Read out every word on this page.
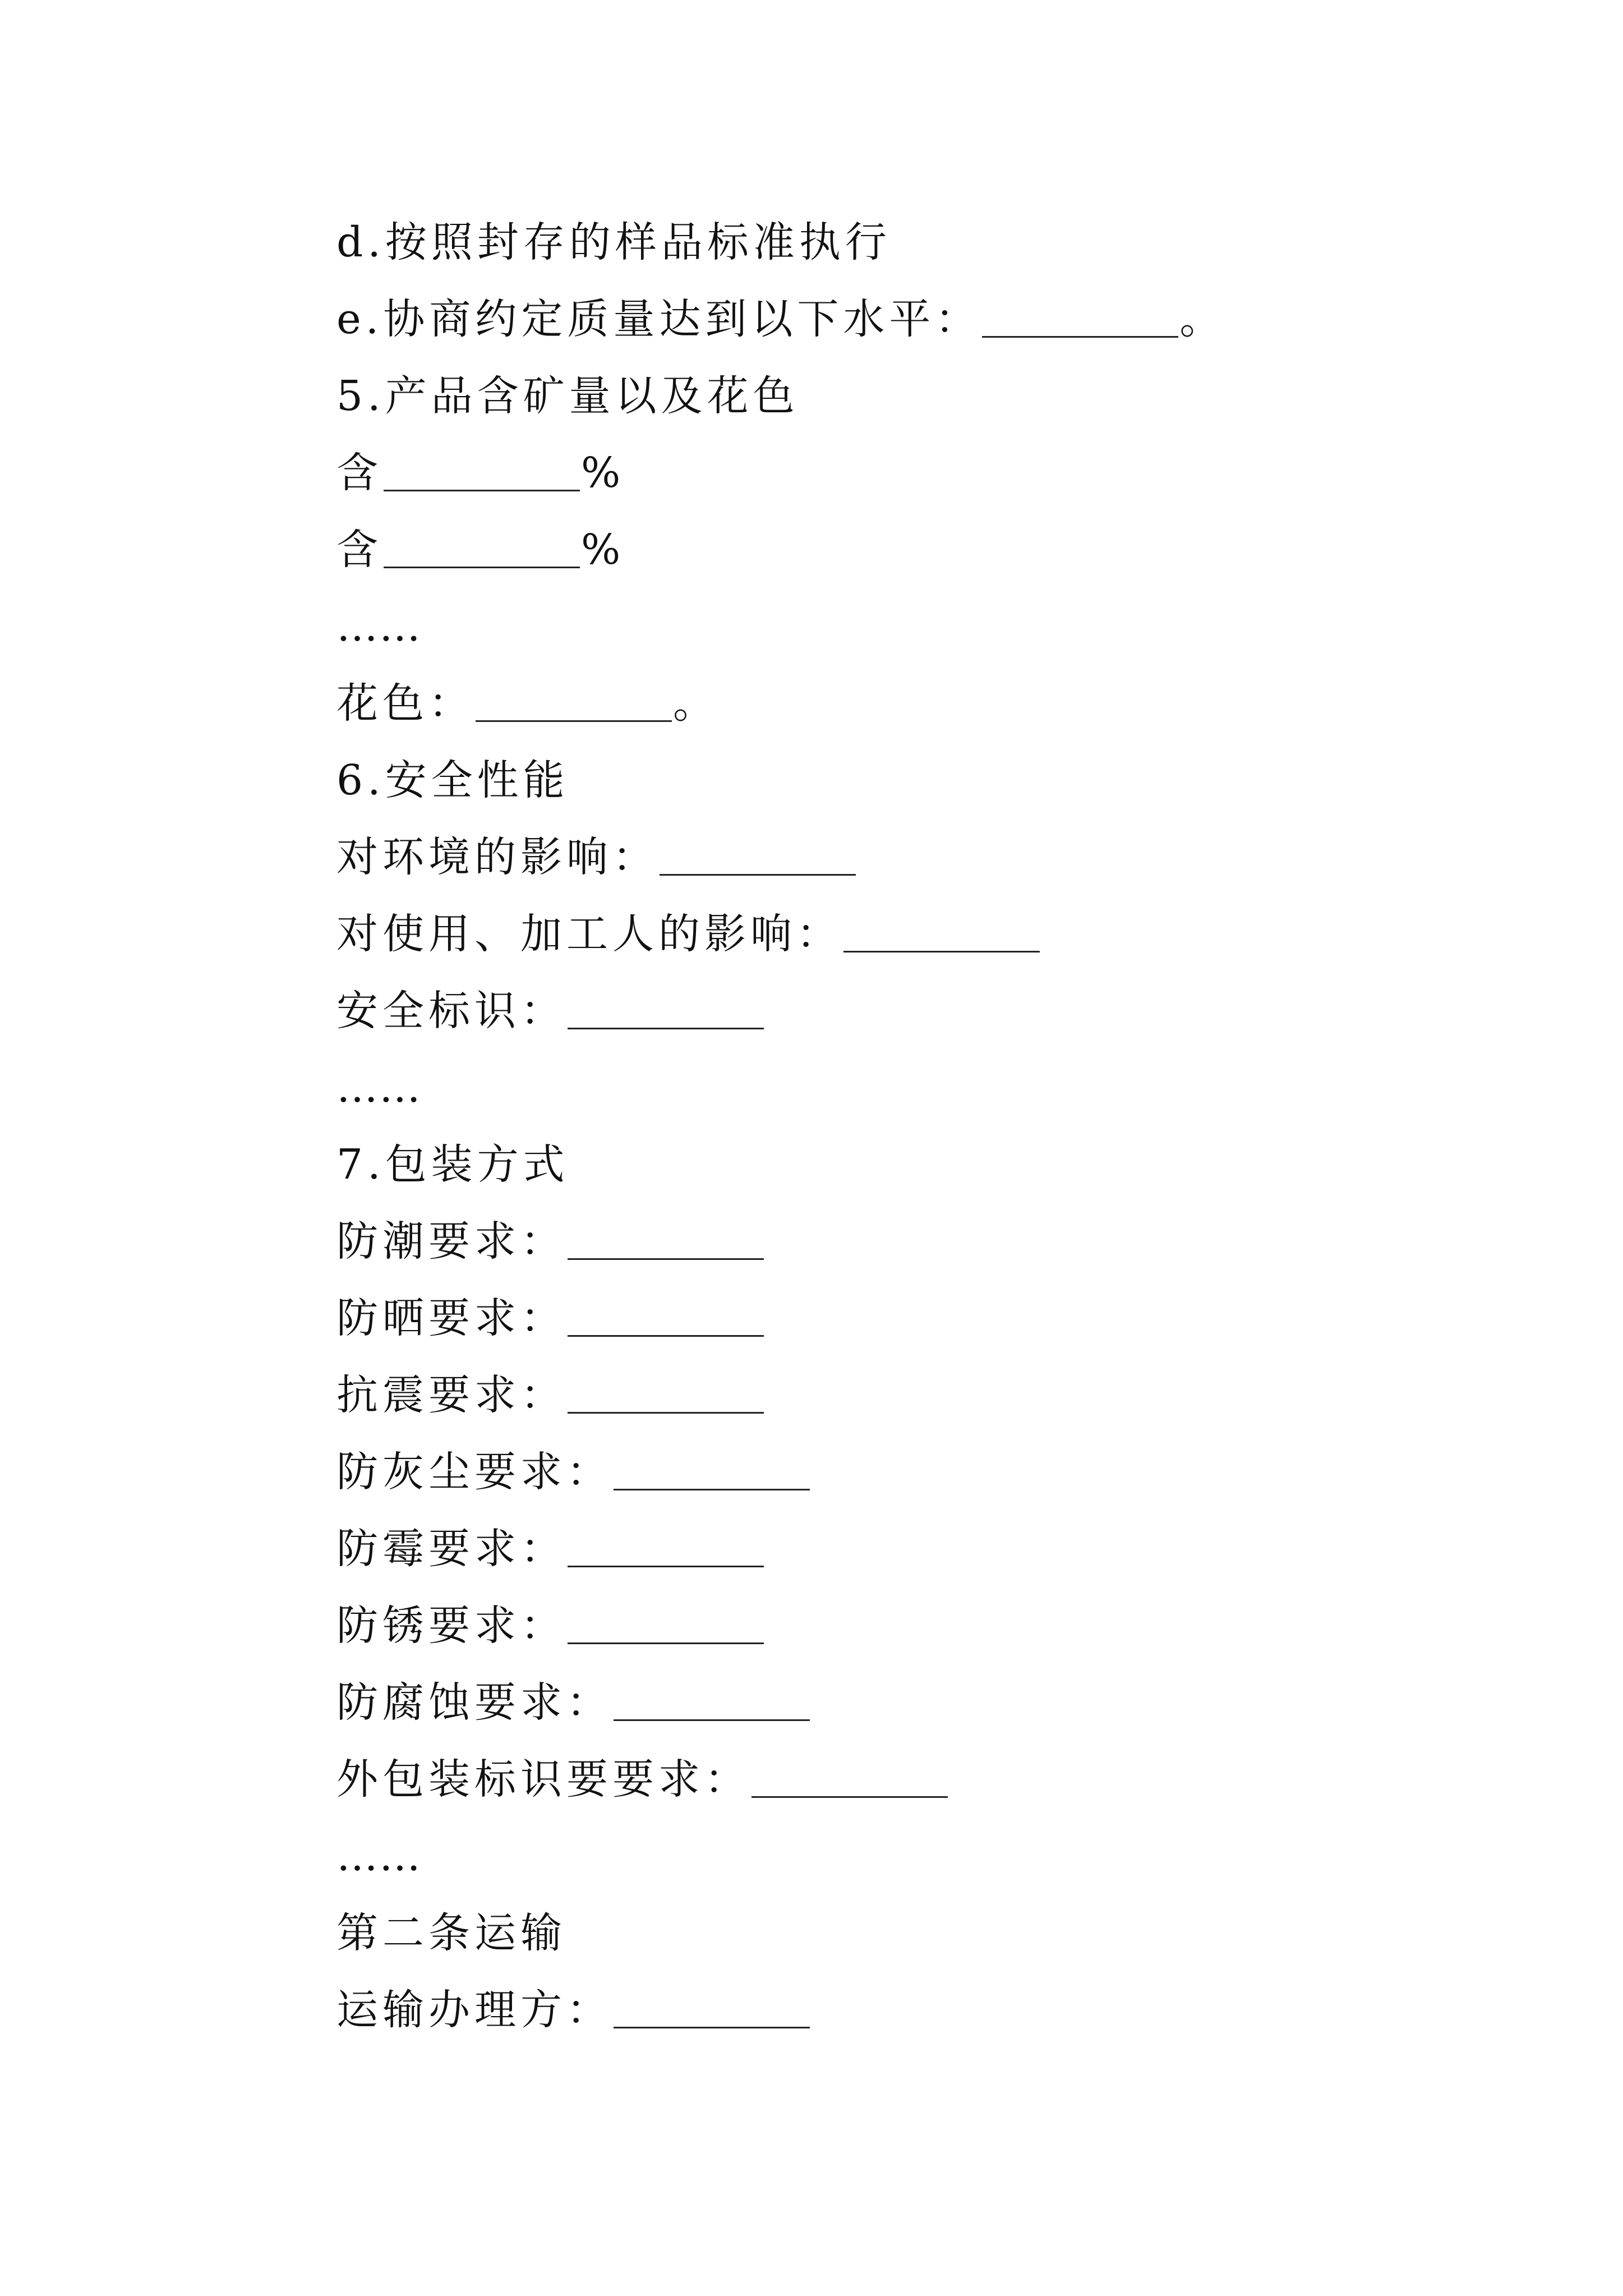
d.按照封存的样品标准执行
e.协商约定质量达到以下水平：	。
5.产品含矿量以及花色
含	%
含	%
……
花色：	。
6.安全性能
对环境的影响：
对使用、加工人的影响：
安全标识：
……
7.包装方式
防潮要求：
防晒要求：
抗震要求：
防灰尘要求：
防霉要求：
防锈要求：
防腐蚀要求：
外包装标识要要求：
……
第二条运输
运输办理方：
